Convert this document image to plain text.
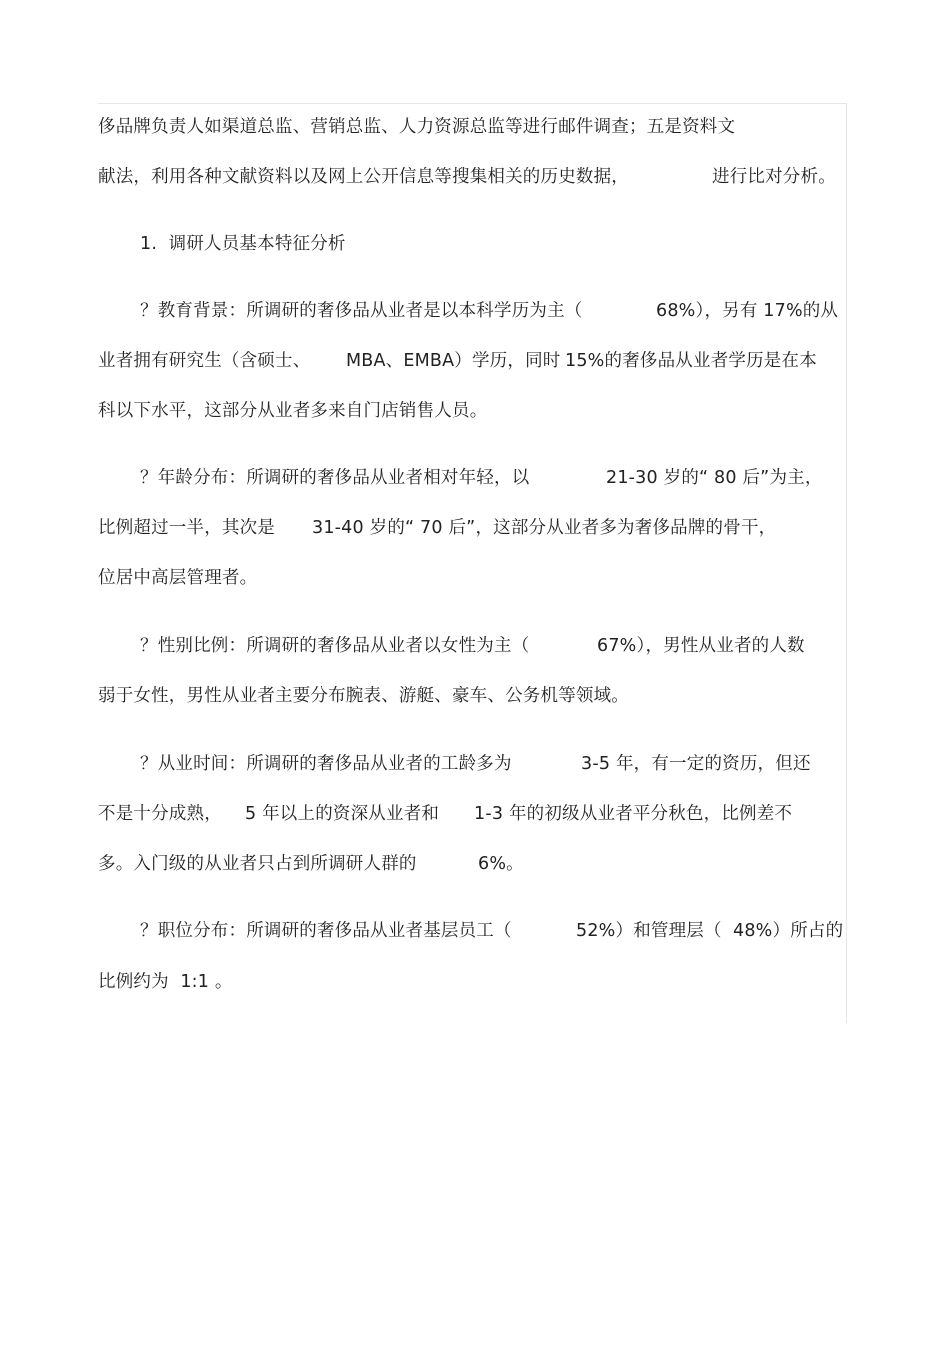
侈品牌负责人如渠道总监、营销总监、人力资源总监等进行邮件调查；五是资料文
献法，利用各种文献资料以及网上公开信息等搜集相关的历史数据，	进行比对分析。
1.  调研人员基本特征分析
？教育背景：所调研的奢侈品从业者是以本科学历为主（	68%），另有 17%的从
业者拥有研究生（含硕士、 MBA、EMBA）学历，同时 15%的奢侈品从业者学历是在本
科以下水平，这部分从业者多来自门店销售人员。
？年龄分布：所调研的奢侈品从业者相对年轻，以	21-30 岁的“ 80 后”为主，
比例超过一半，其次是 31-40 岁的“ 70 后”，这部分从业者多为奢侈品牌的骨干，
位居中高层管理者。
？性别比例：所调研的奢侈品从业者以女性为主（	67%），男性从业者的人数
弱于女性，男性从业者主要分布腕表、游艇、豪车、公务机等领域。
？从业时间：所调研的奢侈品从业者的工龄多为	3-5 年，有一定的资历，但还
不是十分成熟， 5 年以上的资深从业者和 1-3 年的初级从业者平分秋色，比例差不
多。入门级的从业者只占到所调研人群的	6%。
？职位分布：所调研的奢侈品从业者基层员工（	52%）和管理层（ 48%）所占的
比例约为  1:1 。
